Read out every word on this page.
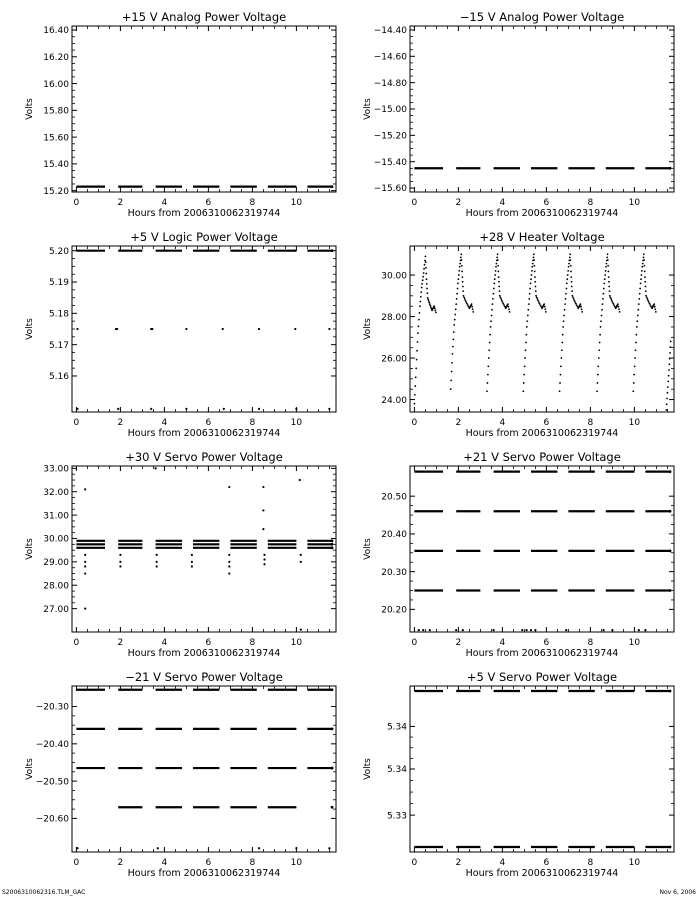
+15 V Analog Power Voltage
Volts
Hours from 2006310062319744
0	2	4	6	8	10
15.20
15.40
15.60
15.80
16.00
16.20
16.40
−15 V Analog Power Voltage
Volts
Hours from 2006310062319744
0	2	4	6	8	10
−15.60
−15.40
−15.20
−15.00
−14.80
−14.60
−14.40
+5 V Logic Power Voltage
Volts
Hours from 2006310062319744
0	2	4	6	8	10
5.16
5.17
5.18
5.19
5.20
+28 V Heater Voltage
Volts
Hours from 2006310062319744
0	2	4	6	8	10
24.00
26.00
28.00
30.00
+30 V Servo Power Voltage
Volts
Hours from 2006310062319744
0	2	4	6	8	10
27.00
28.00
29.00
30.00
31.00
32.00
33.00
+21 V Servo Power Voltage
Volts
Hours from 2006310062319744
0	2	4	6	8	10
20.20
20.30
20.40
20.50
−21 V Servo Power Voltage
Volts
Hours from 2006310062319744
0	2	4	6	8	10
−20.60
−20.50
−20.40
−20.30
+5 V Servo Power Voltage
Volts
Hours from 2006310062319744
0	2	4	6	8	10
5.33
5.34
5.34
S2006310062316.TLM_GAC	Nov 6, 2006
